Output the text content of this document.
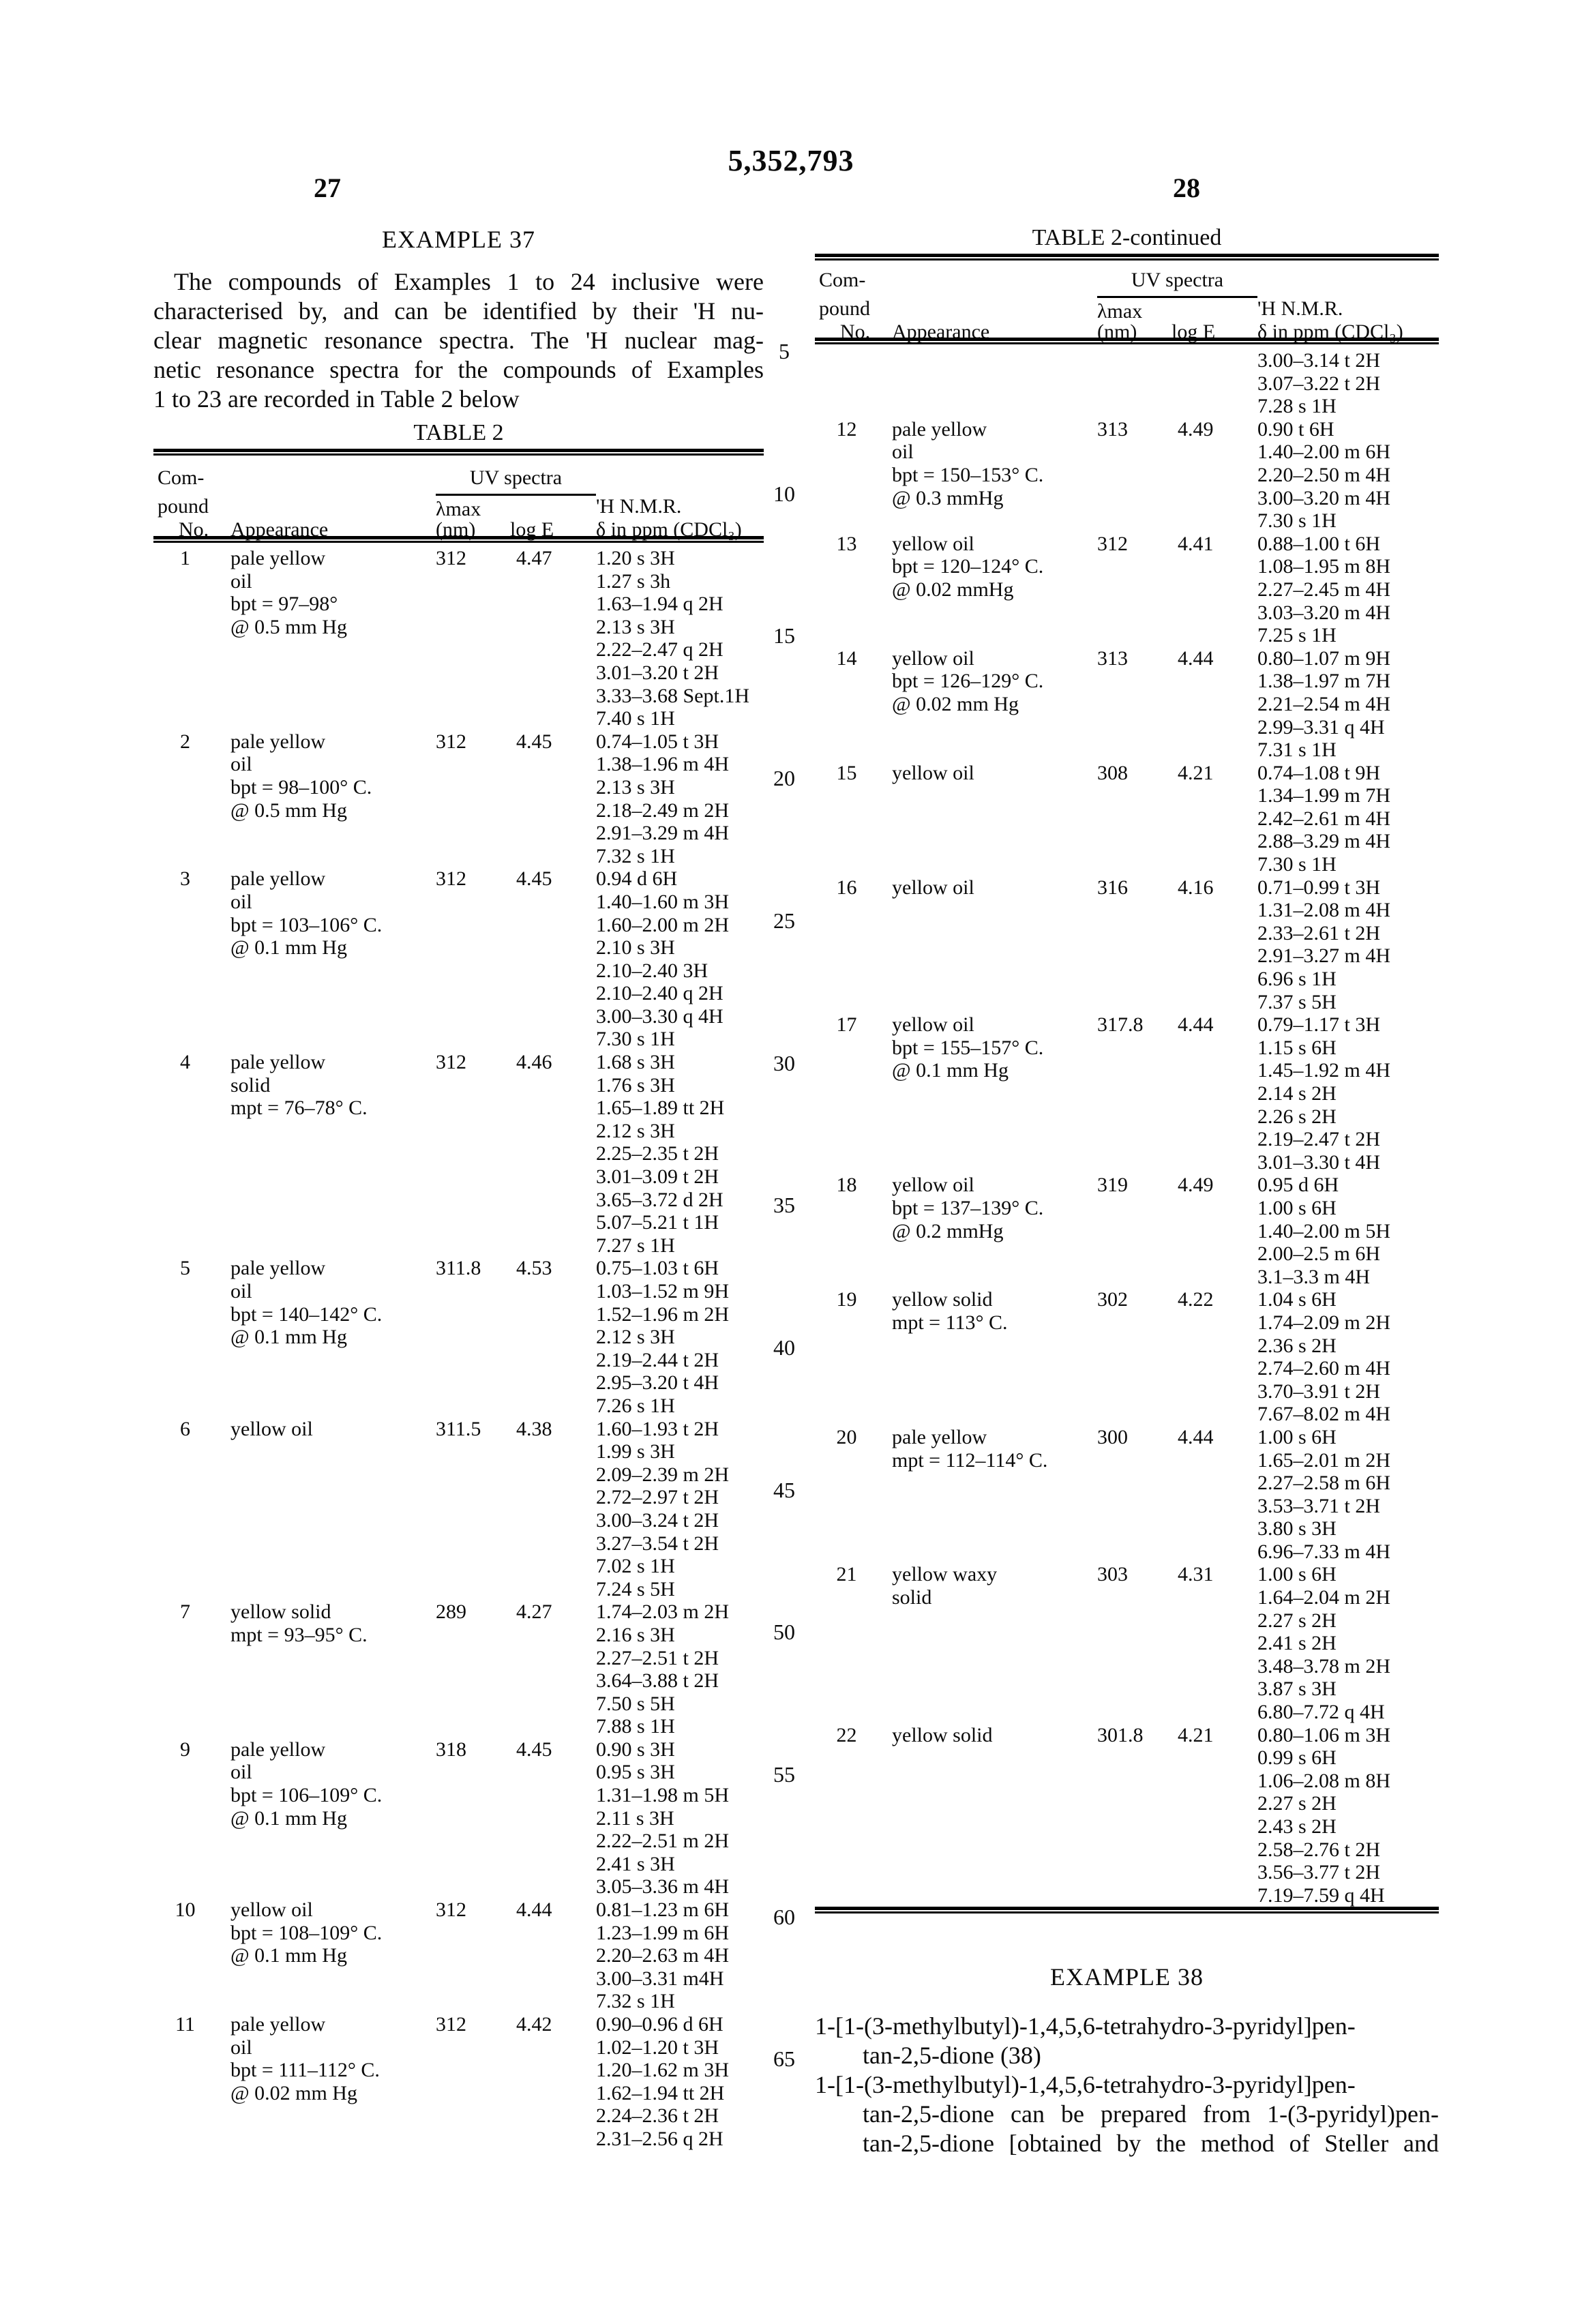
5,352,793
27	28
5
10
15
20
25
30
35
40
45
50
55
60
65
EXAMPLE 37
The compounds of Examples 1 to 24 inclusive were
characterised by, and can be identified by their 'H nu-
clear magnetic resonance spectra. The 'H nuclear mag-
netic resonance spectra for the compounds of Examples
1 to 23 are recorded in Table 2 below
TABLE 2
Com-	UV spectra
pound	λmax	'H N.M.R.
No.	Appearance	(nm) log E δ in ppm (CDCl₃)
1	pale yellow
oil
bpt = 97–98°
@ 0.5 mm Hg
312	4.47	1.20 s 3H
1.27 s 3h
1.63–1.94 q 2H
2.13 s 3H
2.22–2.47 q 2H
3.01–3.20 t 2H
3.33–3.68 Sept.1H
7.40 s 1H
2	pale yellow
oil
bpt = 98–100° C.
@ 0.5 mm Hg
312	4.45	0.74–1.05 t 3H
1.38–1.96 m 4H
2.13 s 3H
2.18–2.49 m 2H
2.91–3.29 m 4H
7.32 s 1H
3	pale yellow
oil
bpt = 103–106° C.
@ 0.1 mm Hg
312	4.45	0.94 d 6H
1.40–1.60 m 3H
1.60–2.00 m 2H
2.10 s 3H
2.10–2.40 3H
2.10–2.40 q 2H
3.00–3.30 q 4H
7.30 s 1H
4	pale yellow
solid
mpt = 76–78° C.
312	4.46	1.68 s 3H
1.76 s 3H
1.65–1.89 tt 2H
2.12 s 3H
2.25–2.35 t 2H
3.01–3.09 t 2H
3.65–3.72 d 2H
5.07–5.21 t 1H
7.27 s 1H
5	pale yellow
oil
bpt = 140–142° C.
@ 0.1 mm Hg
311.8	4.53	0.75–1.03 t 6H
1.03–1.52 m 9H
1.52–1.96 m 2H
2.12 s 3H
2.19–2.44 t 2H
2.95–3.20 t 4H
7.26 s 1H
6	yellow oil	311.5	4.38	1.60–1.93 t 2H
1.99 s 3H
2.09–2.39 m 2H
2.72–2.97 t 2H
3.00–3.24 t 2H
3.27–3.54 t 2H
7.02 s 1H
7.24 s 5H
7	yellow solid
mpt = 93–95° C.
289	4.27	1.74–2.03 m 2H
2.16 s 3H
2.27–2.51 t 2H
3.64–3.88 t 2H
7.50 s 5H
7.88 s 1H
9	pale yellow
oil
bpt = 106–109° C.
@ 0.1 mm Hg
318	4.45	0.90 s 3H
0.95 s 3H
1.31–1.98 m 5H
2.11 s 3H
2.22–2.51 m 2H
2.41 s 3H
3.05–3.36 m 4H
10	yellow oil
bpt = 108–109° C.
@ 0.1 mm Hg
312	4.44	0.81–1.23 m 6H
1.23–1.99 m 6H
2.20–2.63 m 4H
3.00–3.31 m4H
7.32 s 1H
11	pale yellow
oil
bpt = 111–112° C.
@ 0.02 mm Hg
312	4.42	0.90–0.96 d 6H
1.02–1.20 t 3H
1.20–1.62 m 3H
1.62–1.94 tt 2H
2.24–2.36 t 2H
2.31–2.56 q 2H
TABLE 2-continued
Com-	UV spectra
pound	λmax	'H N.M.R.
No.	Appearance	(nm) log E δ in ppm (CDCl₃)
3.00–3.14 t 2H
3.07–3.22 t 2H
7.28 s 1H
12	pale yellow
oil
bpt = 150–153° C.
@ 0.3 mmHg
313	4.49	0.90 t 6H
1.40–2.00 m 6H
2.20–2.50 m 4H
3.00–3.20 m 4H
7.30 s 1H
13	yellow oil
bpt = 120–124° C.
@ 0.02 mmHg
312	4.41	0.88–1.00 t 6H
1.08–1.95 m 8H
2.27–2.45 m 4H
3.03–3.20 m 4H
7.25 s 1H
14	yellow oil
bpt = 126–129° C.
@ 0.02 mm Hg
313	4.44	0.80–1.07 m 9H
1.38–1.97 m 7H
2.21–2.54 m 4H
2.99–3.31 q 4H
7.31 s 1H
15	yellow oil	308	4.21	0.74–1.08 t 9H
1.34–1.99 m 7H
2.42–2.61 m 4H
2.88–3.29 m 4H
7.30 s 1H
16	yellow oil	316	4.16	0.71–0.99 t 3H
1.31–2.08 m 4H
2.33–2.61 t 2H
2.91–3.27 m 4H
6.96 s 1H
7.37 s 5H
17	yellow oil
bpt = 155–157° C.
@ 0.1 mm Hg
317.8	4.44	0.79–1.17 t 3H
1.15 s 6H
1.45–1.92 m 4H
2.14 s 2H
2.26 s 2H
2.19–2.47 t 2H
3.01–3.30 t 4H
18	yellow oil
bpt = 137–139° C.
@ 0.2 mmHg
319	4.49	0.95 d 6H
1.00 s 6H
1.40–2.00 m 5H
2.00–2.5 m 6H
3.1–3.3 m 4H
19	yellow solid
mpt = 113° C.
302	4.22	1.04 s 6H
1.74–2.09 m 2H
2.36 s 2H
2.74–2.60 m 4H
3.70–3.91 t 2H
7.67–8.02 m 4H
20	pale yellow
mpt = 112–114° C.
300	4.44	1.00 s 6H
1.65–2.01 m 2H
2.27–2.58 m 6H
3.53–3.71 t 2H
3.80 s 3H
6.96–7.33 m 4H
21	yellow waxy
solid
303	4.31	1.00 s 6H
1.64–2.04 m 2H
2.27 s 2H
2.41 s 2H
3.48–3.78 m 2H
3.87 s 3H
6.80–7.72 q 4H
22	yellow solid	301.8	4.21	0.80–1.06 m 3H
0.99 s 6H
1.06–2.08 m 8H
2.27 s 2H
2.43 s 2H
2.58–2.76 t 2H
3.56–3.77 t 2H
7.19–7.59 q 4H
EXAMPLE 38
1-[1-(3-methylbutyl)-1,4,5,6-tetrahydro-3-pyridyl]pen-
tan-2,5-dione (38)
1-[1-(3-methylbutyl)-1,4,5,6-tetrahydro-3-pyridyl]pen-
tan-2,5-dione can be prepared from 1-(3-pyridyl)pen-
tan-2,5-dione [obtained by the method of Steller and
